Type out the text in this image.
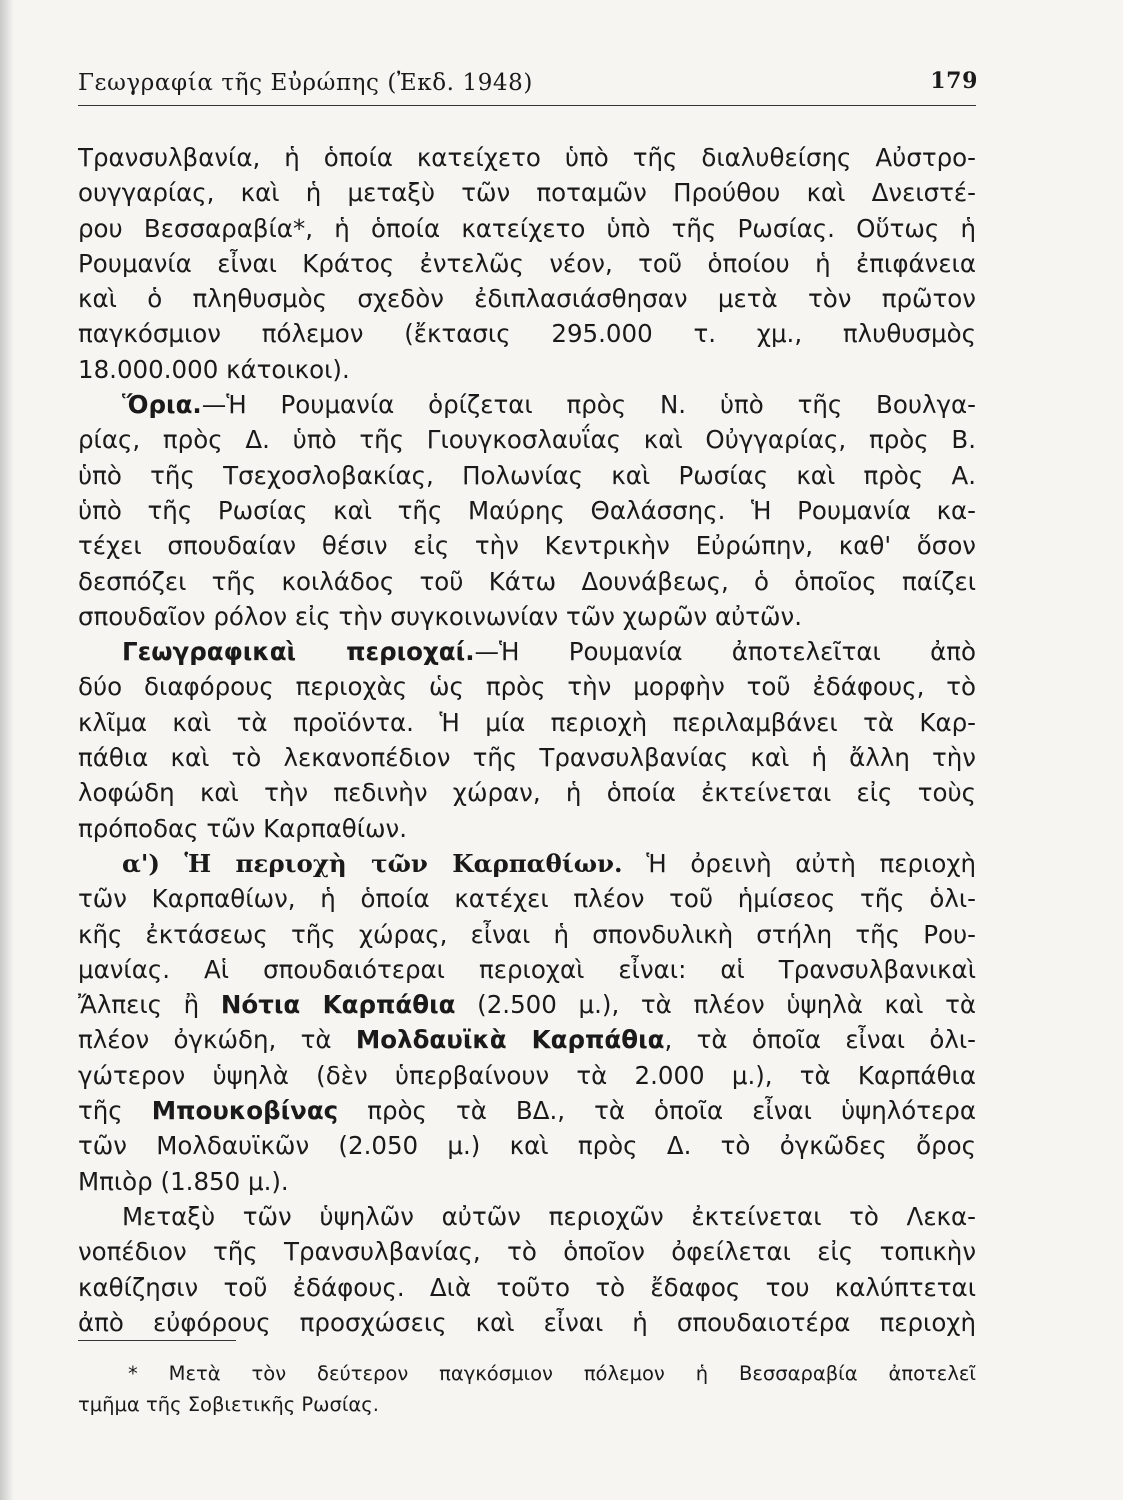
Γεωγραφία τῆς Εὐρώπης (Ἐκδ. 1948)	179
Τρανσυλβανία, ἡ ὁποία κατείχετο ὑπὸ τῆς διαλυθείσης Αὐστρο-
ουγγαρίας, καὶ ἡ μεταξὺ τῶν ποταμῶν Προύθου καὶ Δνειστέ-
ρου Βεσσαραβία*, ἡ ὁποία κατείχετο ὑπὸ τῆς Ρωσίας. Οὕτως ἡ
Ρουμανία εἶναι Κράτος ἐντελῶς νέον, τοῦ ὁποίου ἡ ἐπιφάνεια
καὶ ὁ πληθυσμὸς σχεδὸν ἐδιπλασιάσθησαν μετὰ τὸν πρῶτον
παγκόσμιον πόλεμον (ἔκτασις 295.000 τ. χμ., πλυθυσμὸς
18.000.000 κάτοικοι).
Ὅρια.—Ἡ Ρουμανία ὁρίζεται πρὸς Ν. ὑπὸ τῆς Βουλγα-
ρίας, πρὸς Δ. ὑπὸ τῆς Γιουγκοσλαυΐας καὶ Οὐγγαρίας, πρὸς Β.
ὑπὸ τῆς Τσεχοσλοβακίας, Πολωνίας καὶ Ρωσίας καὶ πρὸς Α.
ὑπὸ τῆς Ρωσίας καὶ τῆς Μαύρης Θαλάσσης. Ἡ Ρουμανία κα-
τέχει σπουδαίαν θέσιν εἰς τὴν Κεντρικὴν Εὐρώπην, καθ' ὅσον
δεσπόζει τῆς κοιλάδος τοῦ Κάτω Δουνάβεως, ὁ ὁποῖος παίζει
σπουδαῖον ρόλον εἰς τὴν συγκοινωνίαν τῶν χωρῶν αὐτῶν.
Γεωγραφικαὶ περιοχαί.—Ἡ Ρουμανία ἀποτελεῖται ἀπὸ
δύο διαφόρους περιοχὰς ὡς πρὸς τὴν μορφὴν τοῦ ἐδάφους, τὸ
κλῖμα καὶ τὰ προϊόντα. Ἡ μία περιοχὴ περιλαμβάνει τὰ Καρ-
πάθια καὶ τὸ λεκανοπέδιον τῆς Τρανσυλβανίας καὶ ἡ ἄλλη τὴν
λοφώδη καὶ τὴν πεδινὴν χώραν, ἡ ὁποία ἐκτείνεται εἰς τοὺς
πρόποδας τῶν Καρπαθίων.
α') Ἡ περιοχὴ τῶν Καρπαθίων. Ἡ ὀρεινὴ αὐτὴ περιοχὴ
τῶν Καρπαθίων, ἡ ὁποία κατέχει πλέον τοῦ ἡμίσεος τῆς ὁλι-
κῆς ἐκτάσεως τῆς χώρας, εἶναι ἡ σπονδυλικὴ στήλη τῆς Ρου-
μανίας. Αἱ σπουδαιότεραι περιοχαὶ εἶναι: αἱ Τρανσυλβανικαὶ
Ἄλπεις ἢ Νότια Καρπάθια (2.500 μ.), τὰ πλέον ὑψηλὰ καὶ τὰ
πλέον ὀγκώδη, τὰ Μολδαυϊκὰ Καρπάθια, τὰ ὁποῖα εἶναι ὀλι-
γώτερον ὑψηλὰ (δὲν ὑπερβαίνουν τὰ 2.000 μ.), τὰ Καρπάθια
τῆς Μπουκοβίνας πρὸς τὰ ΒΔ., τὰ ὁποῖα εἶναι ὑψηλότερα
τῶν Μολδαυϊκῶν (2.050 μ.) καὶ πρὸς Δ. τὸ ὀγκῶδες ὄρος
Μπιὸρ (1.850 μ.).
Μεταξὺ τῶν ὑψηλῶν αὐτῶν περιοχῶν ἐκτείνεται τὸ Λεκα-
νοπέδιον τῆς Τρανσυλβανίας, τὸ ὁποῖον ὀφείλεται εἰς τοπικὴν
καθίζησιν τοῦ ἐδάφους. Διὰ τοῦτο τὸ ἔδαφος του καλύπτεται
ἀπὸ εὐφόρους προσχώσεις καὶ εἶναι ἡ σπουδαιοτέρα περιοχὴ
* Μετὰ τὸν δεύτερον παγκόσμιον πόλεμον ἡ Βεσσαραβία ἀποτελεῖ
τμῆμα τῆς Σοβιετικῆς Ρωσίας.
